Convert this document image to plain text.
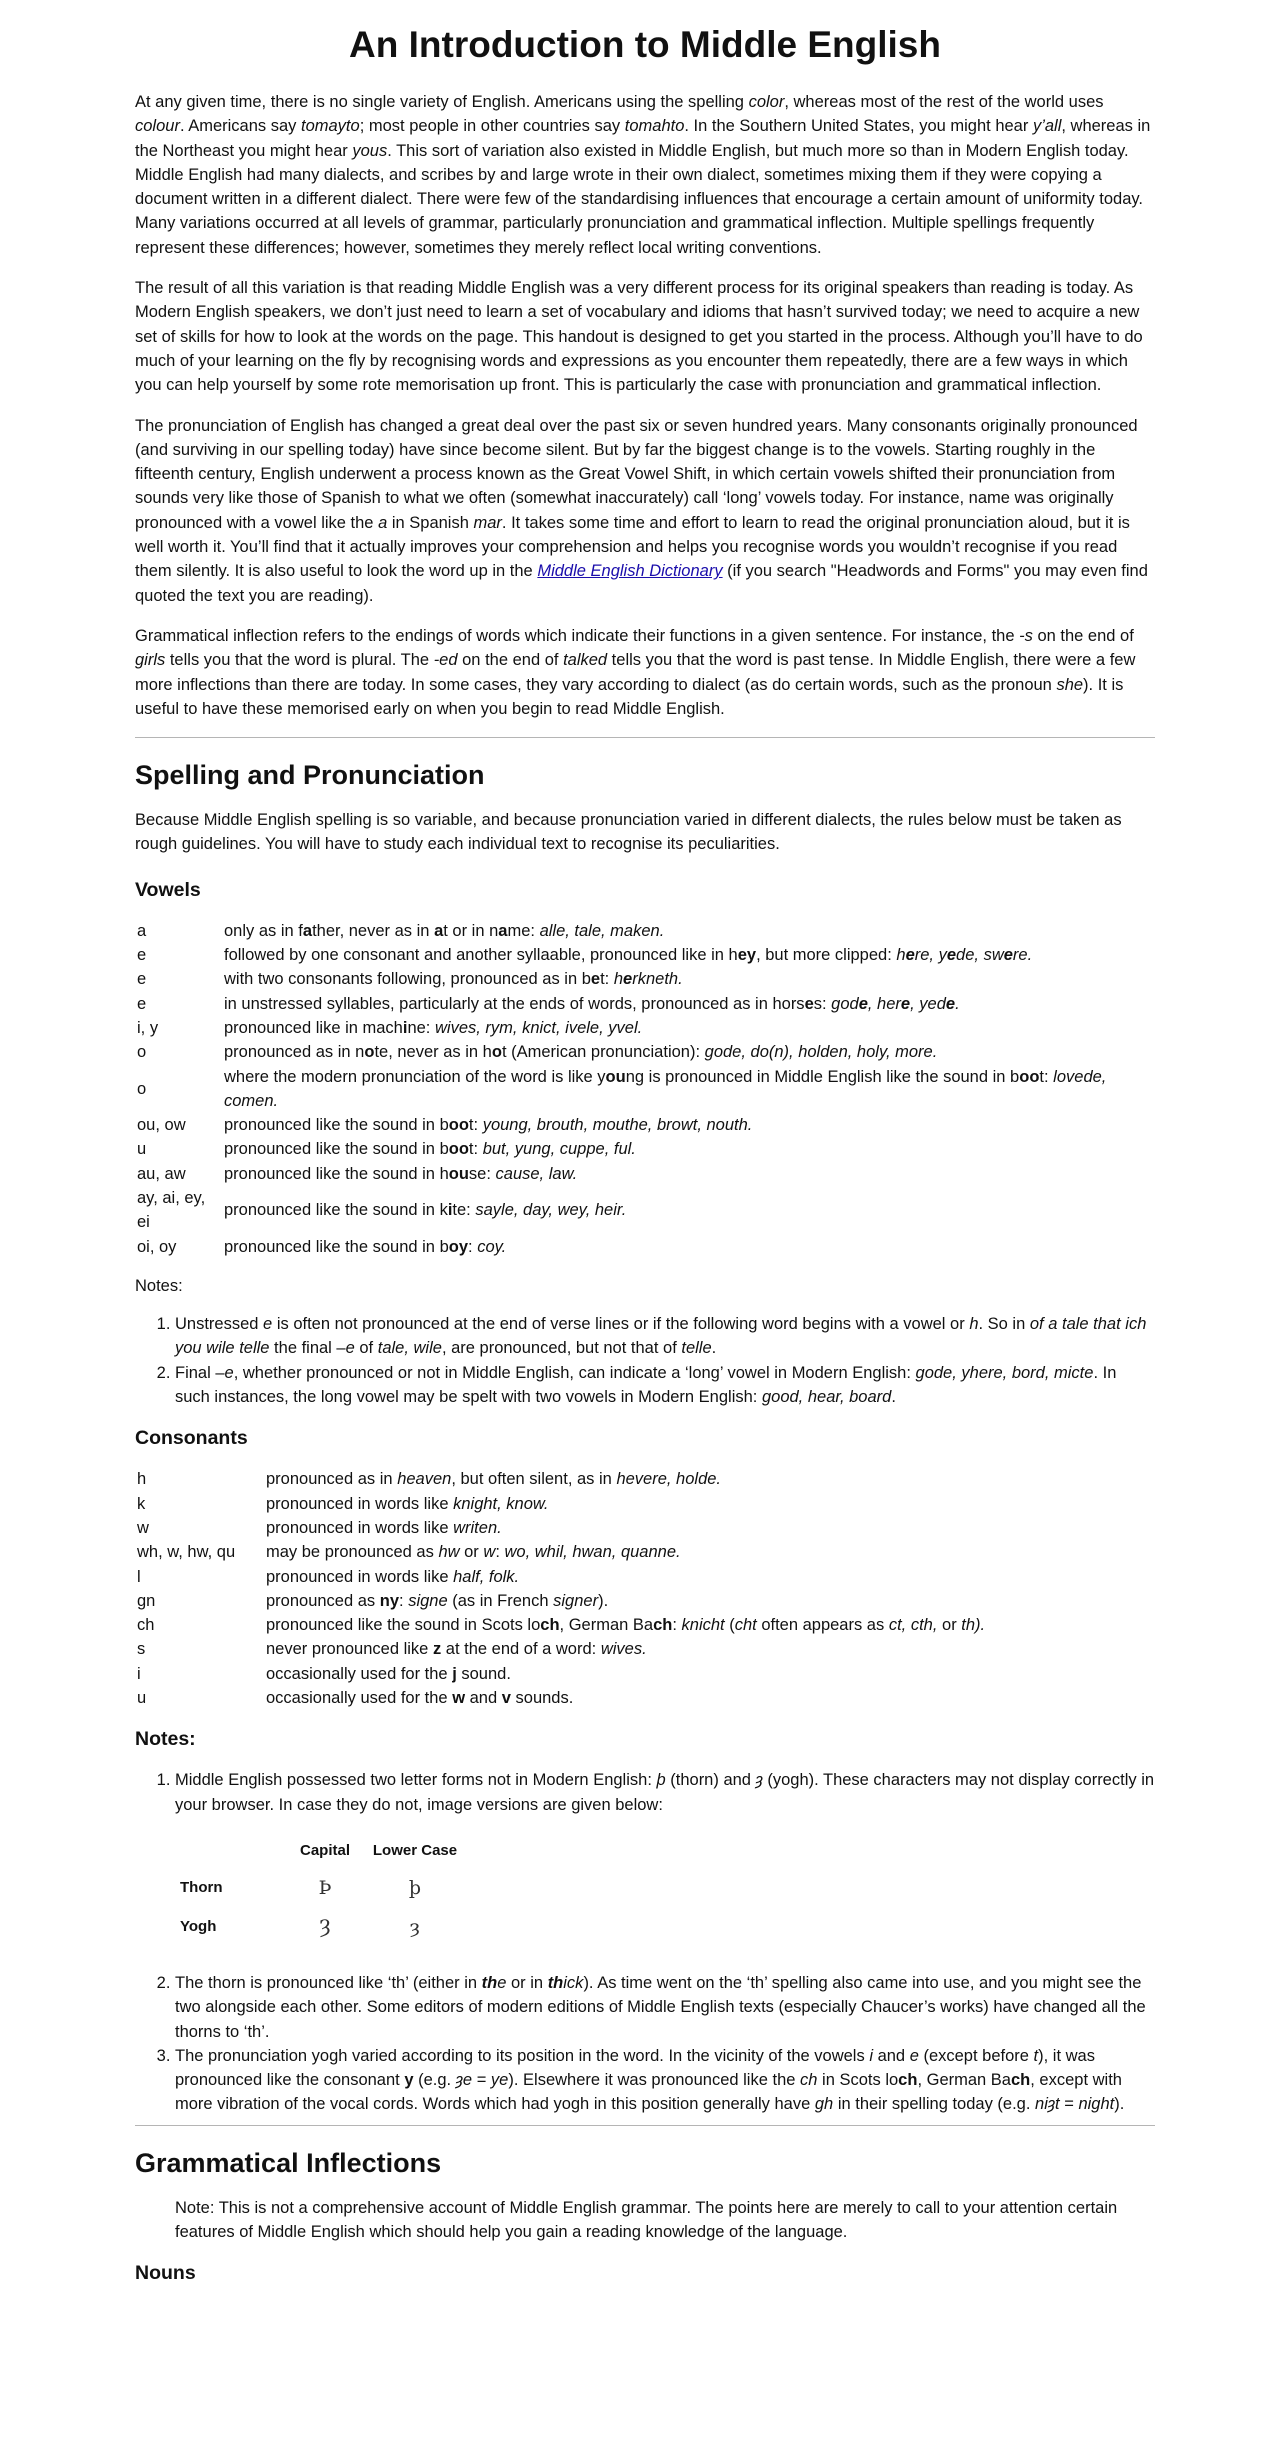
An Introduction to Middle English

At any given time, there is no single variety of English. Americans using the spelling color, whereas most of the rest of the world uses colour. Americans say tomayto; most people in other countries say tomahto. In the Southern United States, you might hear y’all, whereas in the Northeast you might hear yous. This sort of variation also existed in Middle English, but much more so than in Modern English today. Middle English had many dialects, and scribes by and large wrote in their own dialect, sometimes mixing them if they were copying a document written in a different dialect. There were few of the standardising influences that encourage a certain amount of uniformity today. Many variations occurred at all levels of grammar, particularly pronunciation and grammatical inflection. Multiple spellings frequently represent these differences; however, sometimes they merely reflect local writing conventions.

The result of all this variation is that reading Middle English was a very different process for its original speakers than reading is today. As Modern English speakers, we don’t just need to learn a set of vocabulary and idioms that hasn’t survived today; we need to acquire a new set of skills for how to look at the words on the page. This handout is designed to get you started in the process. Although you’ll have to do much of your learning on the fly by recognising words and expressions as you encounter them repeatedly, there are a few ways in which you can help yourself by some rote memorisation up front. This is particularly the case with pronunciation and grammatical inflection.

The pronunciation of English has changed a great deal over the past six or seven hundred years. Many consonants originally pronounced (and surviving in our spelling today) have since become silent. But by far the biggest change is to the vowels. Starting roughly in the fifteenth century, English underwent a process known as the Great Vowel Shift, in which certain vowels shifted their pronunciation from sounds very like those of Spanish to what we often (somewhat inaccurately) call ‘long’ vowels today. For instance, name was originally pronounced with a vowel like the a in Spanish mar. It takes some time and effort to learn to read the original pronunciation aloud, but it is well worth it. You’ll find that it actually improves your comprehension and helps you recognise words you wouldn’t recognise if you read them silently. It is also useful to look the word up in the Middle English Dictionary (if you search "Headwords and Forms" you may even find quoted the text you are reading).

Grammatical inflection refers to the endings of words which indicate their functions in a given sentence. For instance, the -s on the end of girls tells you that the word is plural. The -ed on the end of talked tells you that the word is past tense. In Middle English, there were a few more inflections than there are today. In some cases, they vary according to dialect (as do certain words, such as the pronoun she). It is useful to have these memorised early on when you begin to read Middle English.

Spelling and Pronunciation

Because Middle English spelling is so variable, and because pronunciation varied in different dialects, the rules below must be taken as rough guidelines. You will have to study each individual text to recognise its peculiarities.

Vowels
a	only as in father, never as in at or in name: alle, tale, maken.
e	followed by one consonant and another syllaable, pronounced like in hey, but more clipped: here, yede, swere.
e	with two consonants following, pronounced as in bet: herkneth.
e	in unstressed syllables, particularly at the ends of words, pronounced as in horses: gode, here, yede.
i, y	pronounced like in machine: wives, rym, knict, ivele, yvel.
o	pronounced as in note, never as in hot (American pronunciation): gode, do(n), holden, holy, more.
o	where the modern pronunciation of the word is like young is pronounced in Middle English like the sound in boot: lovede, comen.
ou, ow	pronounced like the sound in boot: young, brouth, mouthe, browt, nouth.
u	pronounced like the sound in boot: but, yung, cuppe, ful.
au, aw	pronounced like the sound in house: cause, law.
ay, ai, ey, ei	pronounced like the sound in kite: sayle, day, wey, heir.
oi, oy	pronounced like the sound in boy: coy.

Notes:

1. Unstressed e is often not pronounced at the end of verse lines or if the following word begins with a vowel or h. So in of a tale that ich you wile telle the final –e of tale, wile, are pronounced, but not that of telle.
2. Final –e, whether pronounced or not in Middle English, can indicate a ‘long’ vowel in Modern English: gode, yhere, bord, micte. In such instances, the long vowel may be spelt with two vowels in Modern English: good, hear, board.
Consonants
h	pronounced as in heaven, but often silent, as in hevere, holde.
k	pronounced in words like knight, know.
w	pronounced in words like writen.
wh, w, hw, qu	may be pronounced as hw or w: wo, whil, hwan, quanne.
l	pronounced in words like half, folk.
gn	pronounced as ny: signe (as in French signer).
ch	pronounced like the sound in Scots loch, German Bach: knicht (cht often appears as ct, cth, or th).
s	never pronounced like z at the end of a word: wives.
i	occasionally used for the j sound.
u	occasionally used for the w and v sounds.
Notes:
1. Middle English possessed two letter forms not in Modern English: þ (thorn) and ȝ (yogh). These characters may not display correctly in your browser. In case they do not, image versions are given below:
	Capital	Lower Case
Thorn	Þ	þ
Yogh	Ȝ	ȝ
2. The thorn is pronounced like ‘th’ (either in the or in thick). As time went on the ‘th’ spelling also came into use, and you might see the two alongside each other. Some editors of modern editions of Middle English texts (especially Chaucer’s works) have changed all the thorns to ‘th’.
3. The pronunciation yogh varied according to its position in the word. In the vicinity of the vowels i and e (except before t), it was pronounced like the consonant y (e.g. ȝe = ye). Elsewhere it was pronounced like the ch in Scots loch, German Bach, except with more vibration of the vocal cords. Words which had yogh in this position generally have gh in their spelling today (e.g. niȝt = night).
Grammatical Inflections

Note: This is not a comprehensive account of Middle English grammar. The points here are merely to call to your attention certain features of Middle English which should help you gain a reading knowledge of the language.

Nouns
